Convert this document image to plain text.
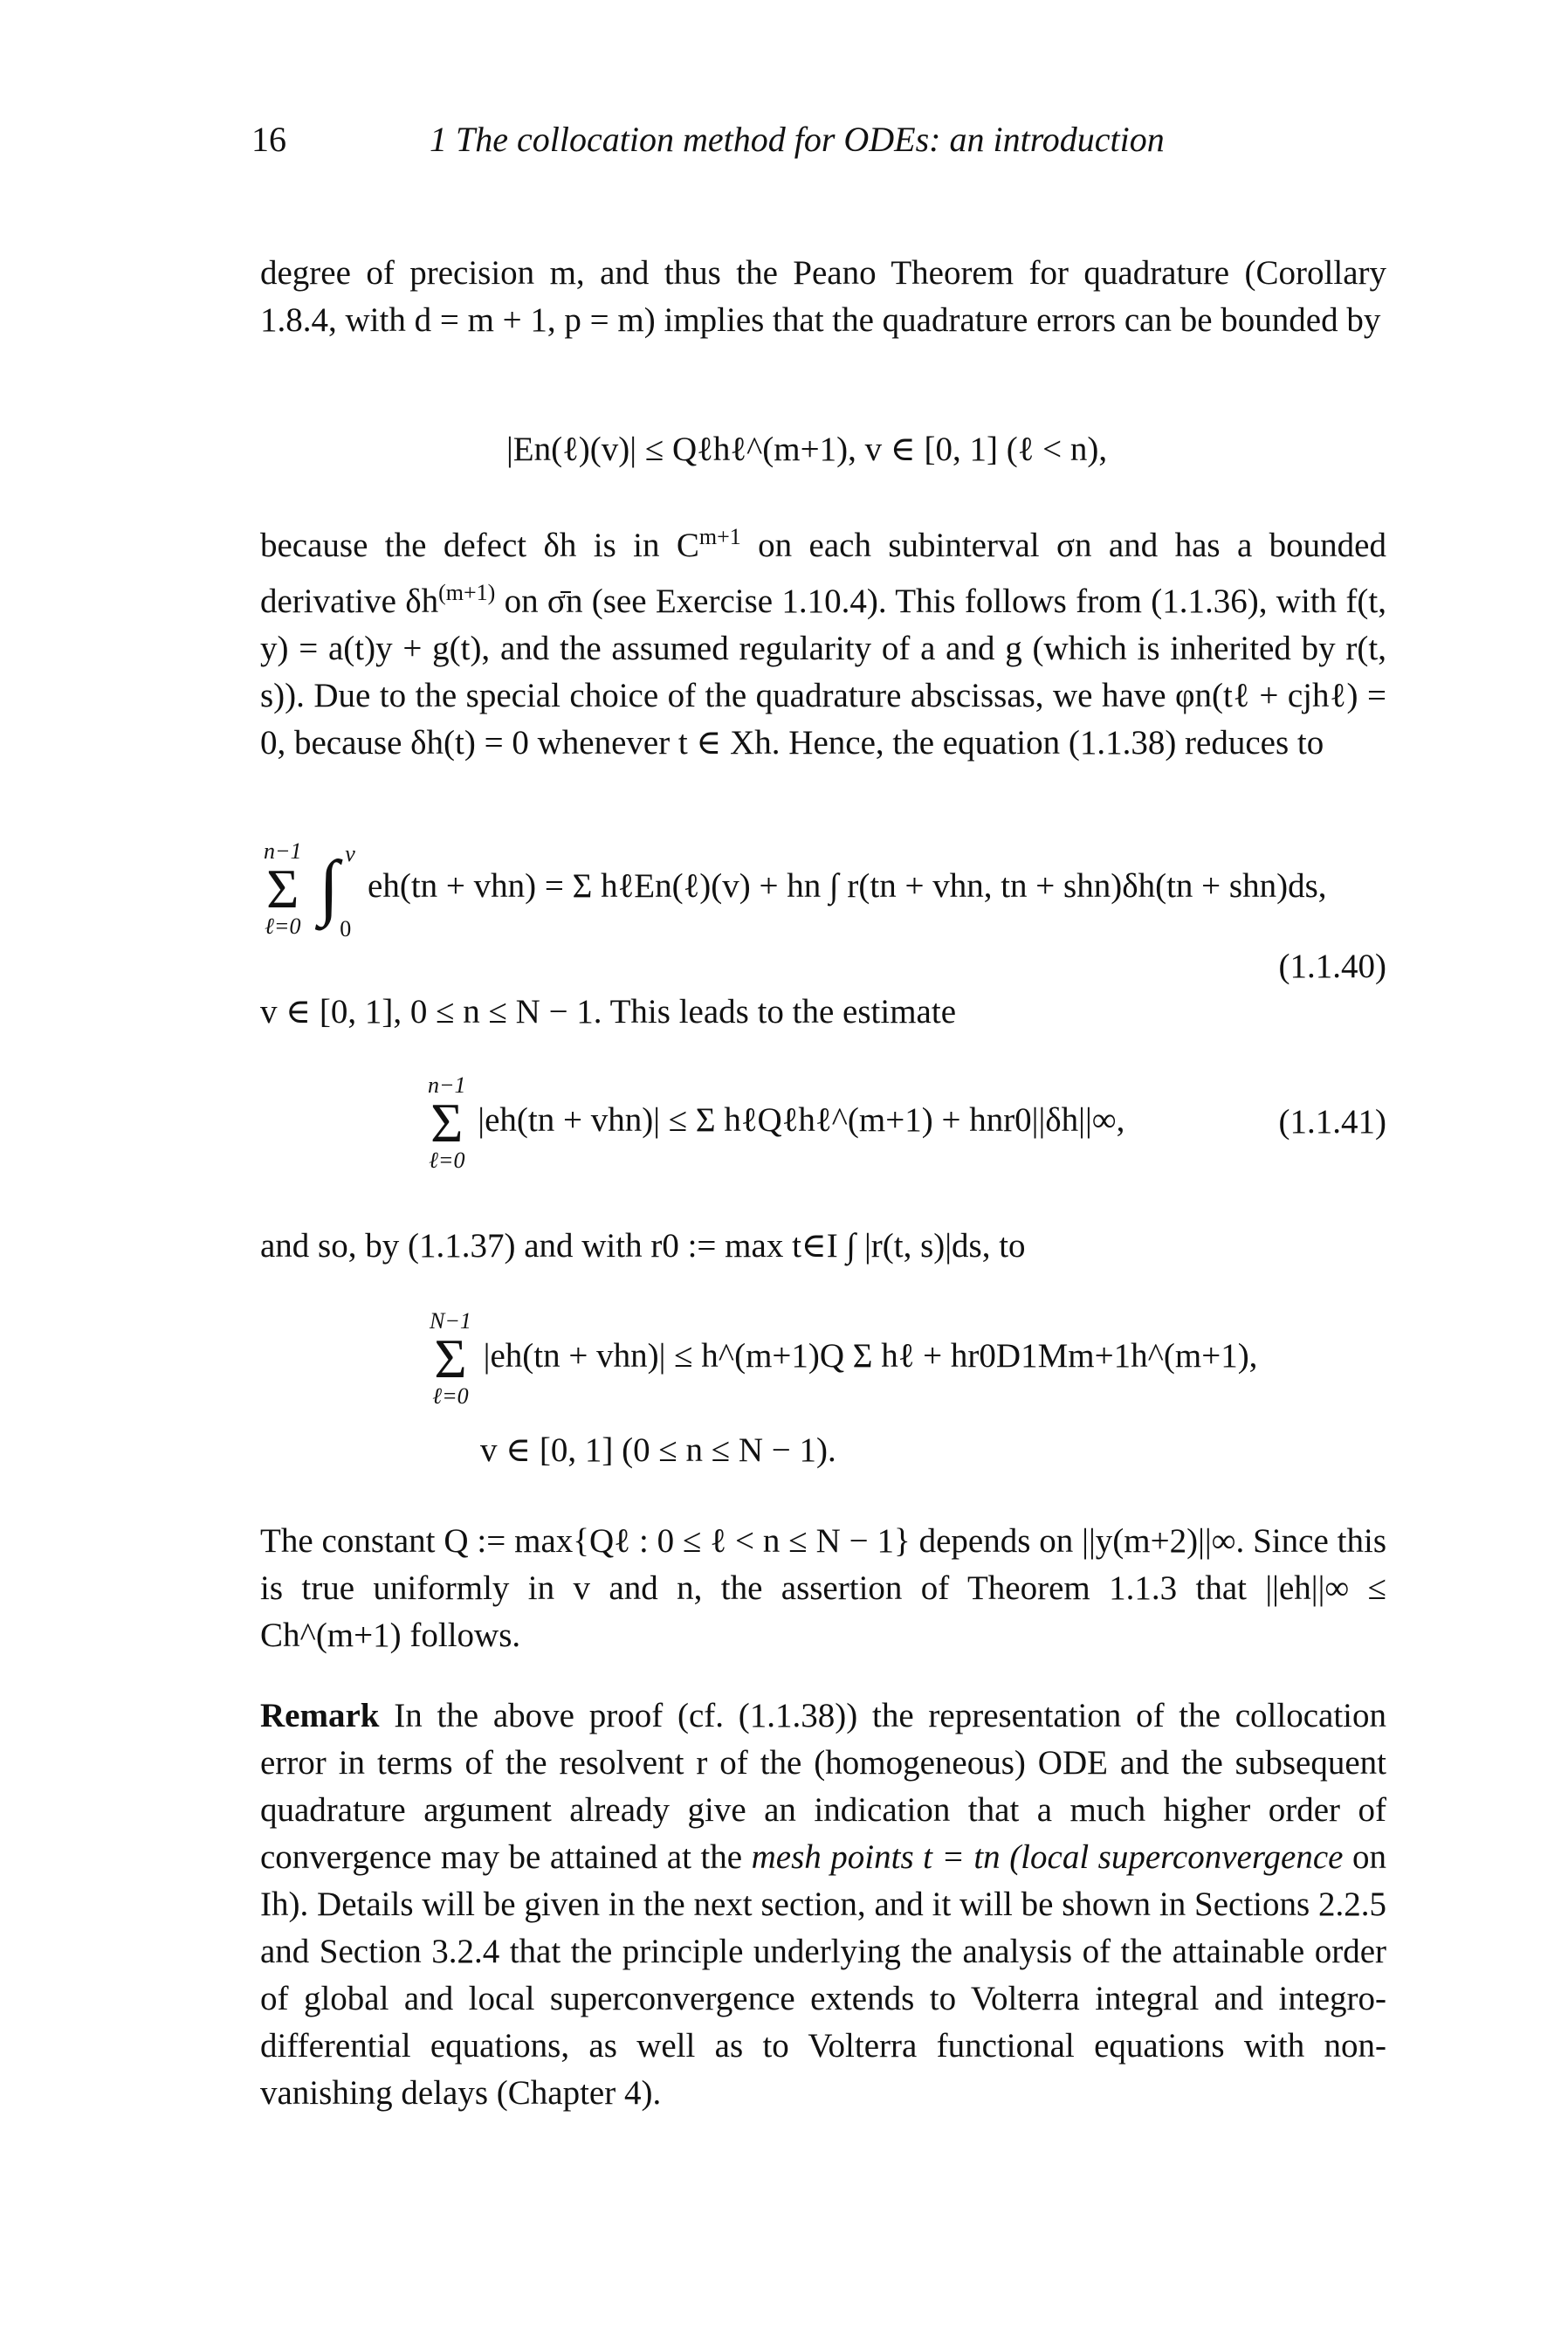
16	1 The collocation method for ODEs: an introduction

degree of precision m, and thus the Peano Theorem for quadrature (Corollary 1.8.4, with d = m + 1, p = m) implies that the quadrature errors can be bounded by

|En(ℓ)(v)| ≤ Qℓhℓ^(m+1), v ∈ [0, 1] (ℓ < n),

because the defect δh is in $C^{m+1}$ on each subinterval σn and has a bounded derivative $\delta h^{(m+1)}$ on σ̄n (see Exercise 1.10.4). This follows from (1.1.36), with f(t, y) = a(t)y + g(t), and the assumed regularity of a and g (which is inherited by r(t, s)). Due to the special choice of the quadrature abscissas, we have φn(tℓ + cjhℓ) = 0, because δh(t) = 0 whenever t ∈ Xh. Hence, the equation (1.1.38) reduces to

n−1
Σ
ℓ=0
∫ v
0
eh(tn + vhn) = Σ hℓEn(ℓ)(v) + hn ∫ r(tn + vhn, tn + shn)δh(tn + shn)ds,
(1.1.40)

v ∈ [0, 1], 0 ≤ n ≤ N − 1. This leads to the estimate

n−1
Σ
ℓ=0
|eh(tn + vhn)| ≤ Σ hℓQℓhℓ^(m+1) + hnr0||δh||∞,	(1.1.41)

and so, by (1.1.37) and with r0 := max t∈I ∫ |r(t, s)|ds, to

N−1
Σ
ℓ=0
|eh(tn + vhn)| ≤ h^(m+1)Q Σ hℓ + hr0D1Mm+1h^(m+1),
v ∈ [0, 1] (0 ≤ n ≤ N − 1).

The constant Q := max{Qℓ : 0 ≤ ℓ < n ≤ N − 1} depends on ||y(m+2)||∞. Since this is true uniformly in v and n, the assertion of Theorem 1.1.3 that ||eh||∞ ≤ Ch^(m+1) follows.

Remark In the above proof (cf. (1.1.38)) the representation of the collocation error in terms of the resolvent r of the (homogeneous) ODE and the subsequent quadrature argument already give an indication that a much higher order of convergence may be attained at the mesh points t = tn (local superconvergence on Ih). Details will be given in the next section, and it will be shown in Sections 2.2.5 and Section 3.2.4 that the principle underlying the analysis of the attainable order of global and local superconvergence extends to Volterra integral and integro-differential equations, as well as to Volterra functional equations with non-vanishing delays (Chapter 4).
